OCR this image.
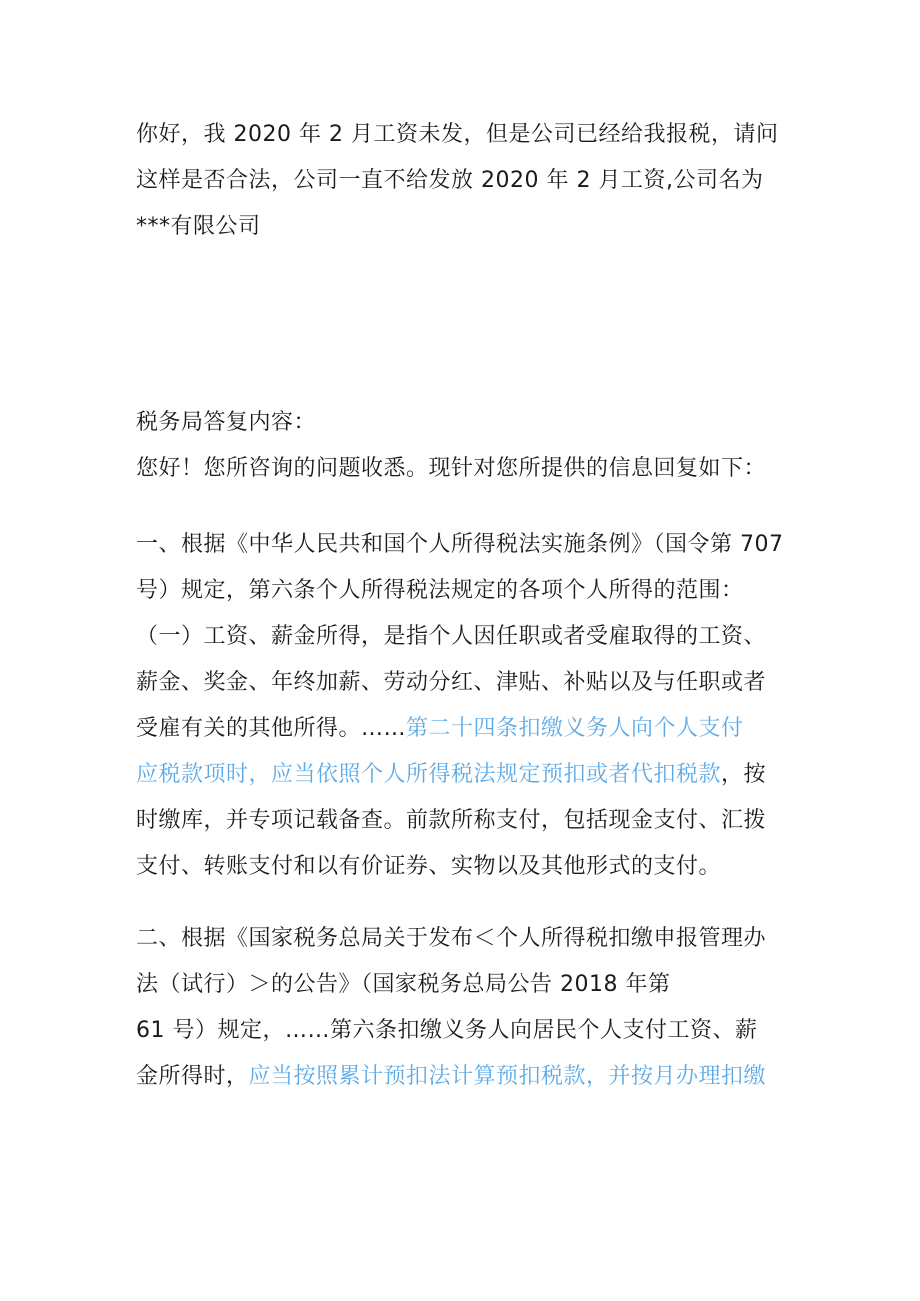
你好，我 2020 年 2 月工资未发，但是公司已经给我报税，请问
这样是否合法，公司一直不给发放 2020 年 2 月工资,公司名为
***有限公司
税务局答复内容：
您好！您所咨询的问题收悉。现针对您所提供的信息回复如下：
一、根据《中华人民共和国个人所得税法实施条例》（国令第 707
号）规定，第六条个人所得税法规定的各项个人所得的范围：
（一）工资、薪金所得，是指个人因任职或者受雇取得的工资、
薪金、奖金、年终加薪、劳动分红、津贴、补贴以及与任职或者
受雇有关的其他所得。……第二十四条扣缴义务人向个人支付
应税款项时，应当依照个人所得税法规定预扣或者代扣税款，按
时缴库，并专项记载备查。前款所称支付，包括现金支付、汇拨
支付、转账支付和以有价证券、实物以及其他形式的支付。
二、根据《国家税务总局关于发布＜个人所得税扣缴申报管理办
法（试行）＞的公告》（国家税务总局公告 2018 年第
61 号）规定，……第六条扣缴义务人向居民个人支付工资、薪
金所得时，应当按照累计预扣法计算预扣税款，并按月办理扣缴
